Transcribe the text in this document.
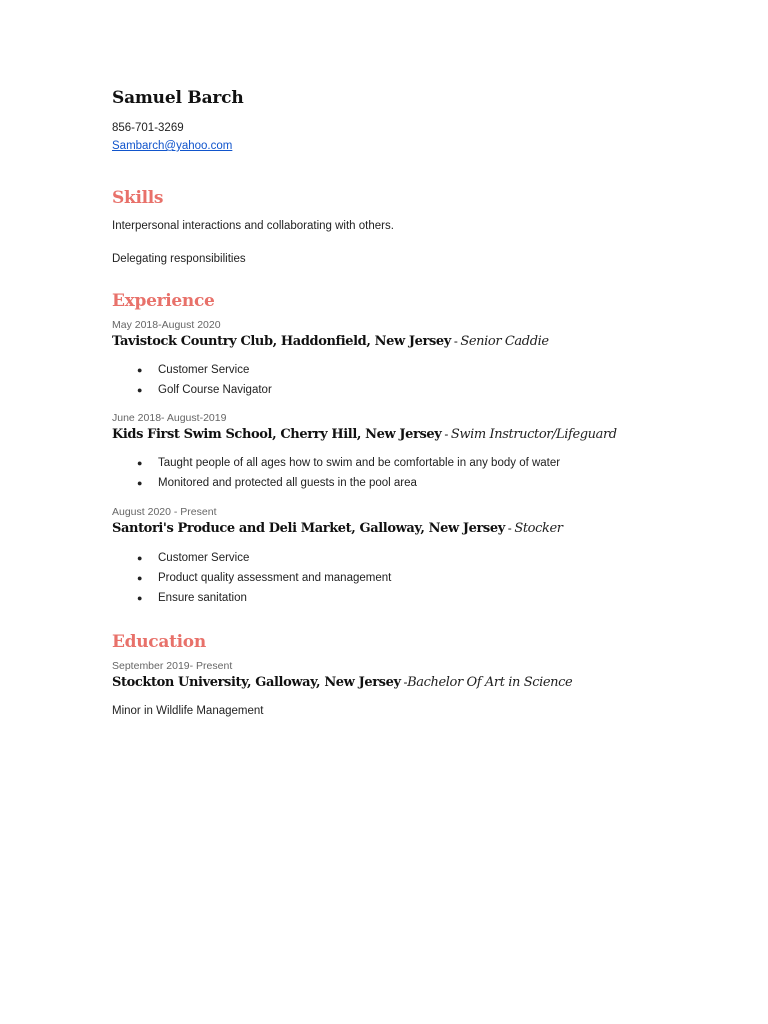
Samuel Barch
856-701-3269
Sambarch@yahoo.com
Skills
Interpersonal interactions and collaborating with others.
Delegating responsibilities
Experience
May 2018-August 2020
Tavistock Country Club, Haddonfield, New Jersey - Senior Caddie
● Customer Service
● Golf Course Navigator
June 2018- August-2019
Kids First Swim School, Cherry Hill, New Jersey - Swim Instructor/Lifeguard
● Taught people of all ages how to swim and be comfortable in any body of water
● Monitored and protected all guests in the pool area
August 2020 - Present
Santori's Produce and Deli Market, Galloway, New Jersey - Stocker
● Customer Service
● Product quality assessment and management
● Ensure sanitation
Education
September 2019- Present
Stockton University, Galloway, New Jersey -Bachelor Of Art in Science
Minor in Wildlife Management
